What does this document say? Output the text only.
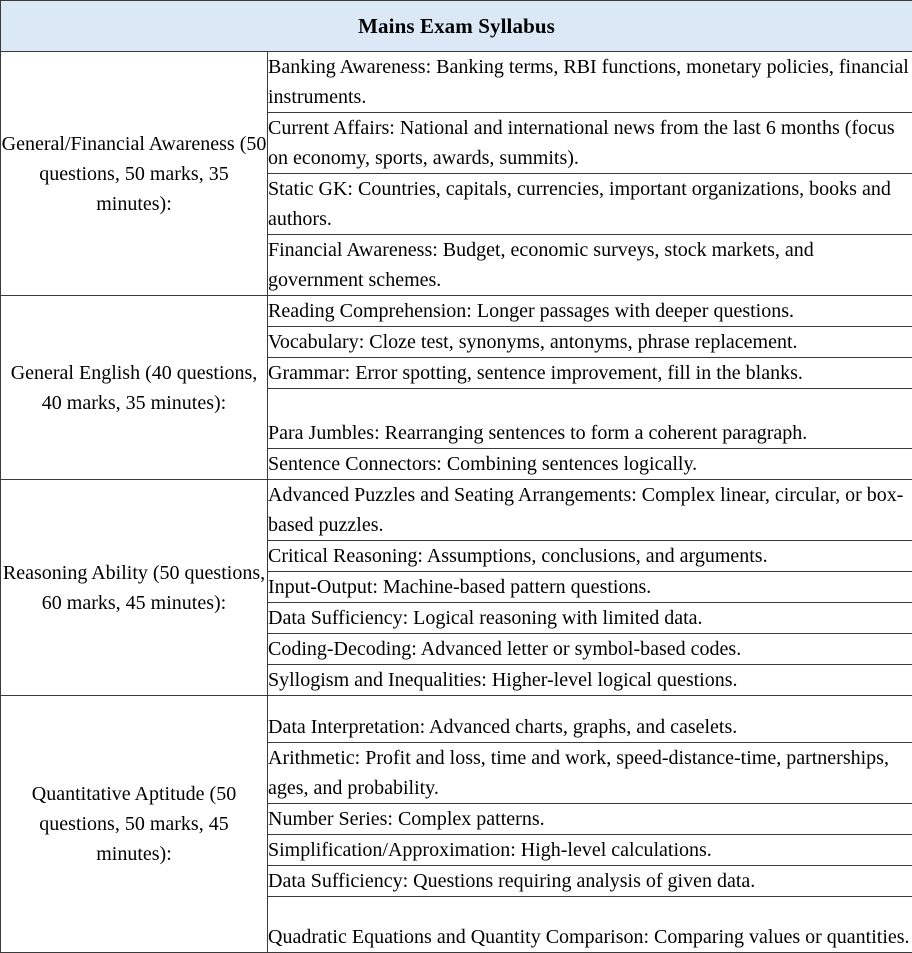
Mains Exam Syllabus	
General/Financial Awareness (50 questions, 50 marks, 35 minutes):	Banking Awareness: Banking terms, RBI functions, monetary policies, financial instruments.
	Current Affairs: National and international news from the last 6 months (focus on economy, sports, awards, summits).
	Static GK: Countries, capitals, currencies, important organizations, books and authors.
	Financial Awareness: Budget, economic surveys, stock markets, and government schemes.
General English (40 questions, 40 marks, 35 minutes):	Reading Comprehension: Longer passages with deeper questions.
	Vocabulary: Cloze test, synonyms, antonyms, phrase replacement.
	Grammar: Error spotting, sentence improvement, fill in the blanks.
	Para Jumbles: Rearranging sentences to form a coherent paragraph.
	Sentence Connectors: Combining sentences logically.
Reasoning Ability (50 questions, 60 marks, 45 minutes):	Advanced Puzzles and Seating Arrangements: Complex linear, circular, or box-based puzzles.
	Critical Reasoning: Assumptions, conclusions, and arguments.
	Input-Output: Machine-based pattern questions.
	Data Sufficiency: Logical reasoning with limited data.
	Coding-Decoding: Advanced letter or symbol-based codes.
	Syllogism and Inequalities: Higher-level logical questions.
Quantitative Aptitude (50 questions, 50 marks, 45 minutes):	Data Interpretation: Advanced charts, graphs, and caselets.
	Arithmetic: Profit and loss, time and work, speed-distance-time, partnerships, ages, and probability.
	Number Series: Complex patterns.
	Simplification/Approximation: High-level calculations.
	Data Sufficiency: Questions requiring analysis of given data.
	Quadratic Equations and Quantity Comparison: Comparing values or quantities.
